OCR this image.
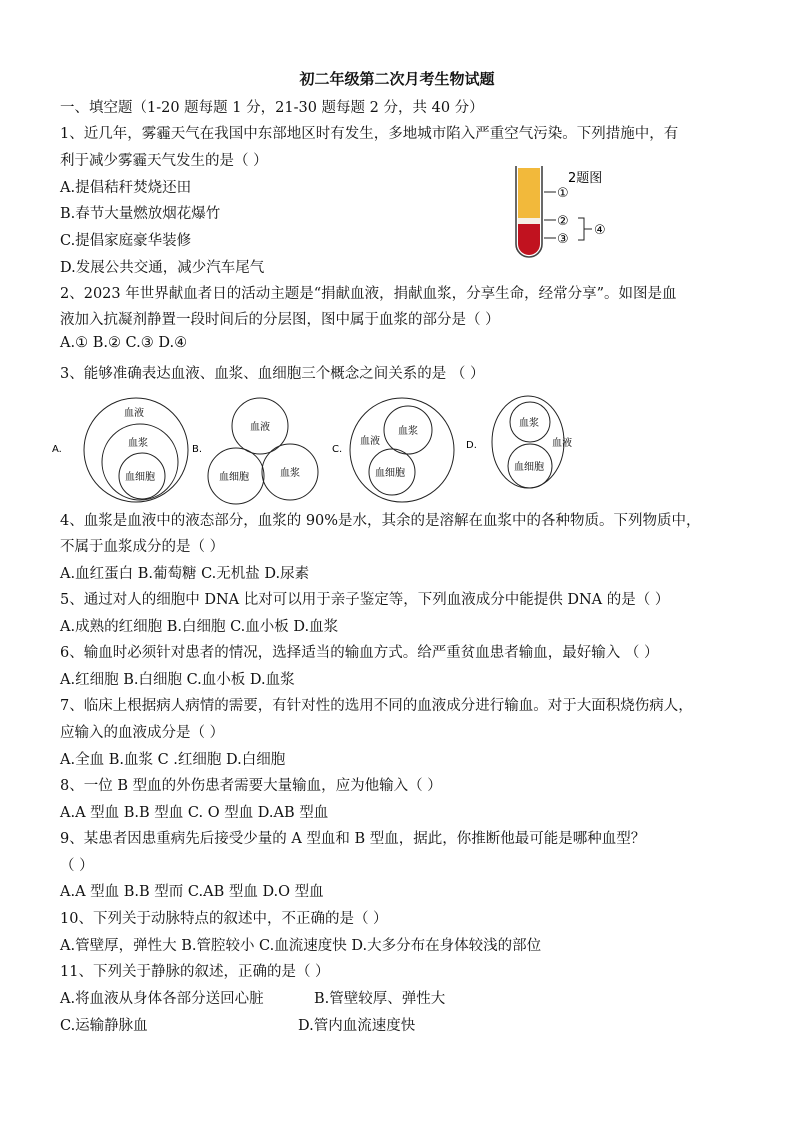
初二年级第二次月考生物试题
一、填空题（1-20 题每题 1 分，21-30 题每题 2 分，共 40 分）
1、近几年，雾霾天气在我国中东部地区时有发生，多地城市陷入严重空气污染。下列措施中，有
利于减少雾霾天气发生的是（ ）
A.提倡秸秆焚烧还田
B.春节大量燃放烟花爆竹
C.提倡家庭豪华装修
D.发展公共交通，减少汽车尾气
①
②
③
④
2题图
2、2023 年世界献血者日的活动主题是“捐献血液，捐献血浆，分享生命，经常分享”。如图是血
液加入抗凝剂静置一段时间后的分层图，图中属于血浆的部分是（ ）
A.① B.② C.③ D.④
3、能够准确表达血液、血浆、血细胞三个概念之间关系的是 （ ）
A.
血液
血浆
血细胞
B.
血液
血细胞	血浆
C.
血液
血浆
血细胞
D.
血浆
血液
血细胞
4、血浆是血液中的液态部分，血浆的 90%是水，其余的是溶解在血浆中的各种物质。下列物质中，
不属于血浆成分的是（ ）
A.血红蛋白 B.葡萄糖 C.无机盐 D.尿素
5、通过对人的细胞中 DNA 比对可以用于亲子鉴定等，下列血液成分中能提供 DNA 的是（ ）
A.成熟的红细胞 B.白细胞 C.血小板 D.血浆
6、输血时必须针对患者的情况，选择适当的输血方式。给严重贫血患者输血，最好输入 （ ）
A.红细胞 B.白细胞 C.血小板 D.血浆
7、临床上根据病人病情的需要，有针对性的选用不同的血液成分进行输血。对于大面积烧伤病人，
应输入的血液成分是（ ）
A.全血 B.血浆 C .红细胞 D.白细胞
8、一位 B 型血的外伤患者需要大量输血，应为他输入（ ）
A.A 型血 B.B 型血 C. O 型血 D.AB 型血
9、某患者因患重病先后接受少量的 A 型血和 B 型血，据此，你推断他最可能是哪种血型？
（ ）
A.A 型血 B.B 型而 C.AB 型血 D.O 型血
10、下列关于动脉特点的叙述中，不正确的是（ ）
A.管壁厚，弹性大 B.管腔较小 C.血流速度快 D.大多分布在身体较浅的部位
11、下列关于静脉的叙述，正确的是（ ）
A.将血液从身体各部分送回心脏	B.管壁较厚、弹性大
C.运输静脉血	D.管内血流速度快
